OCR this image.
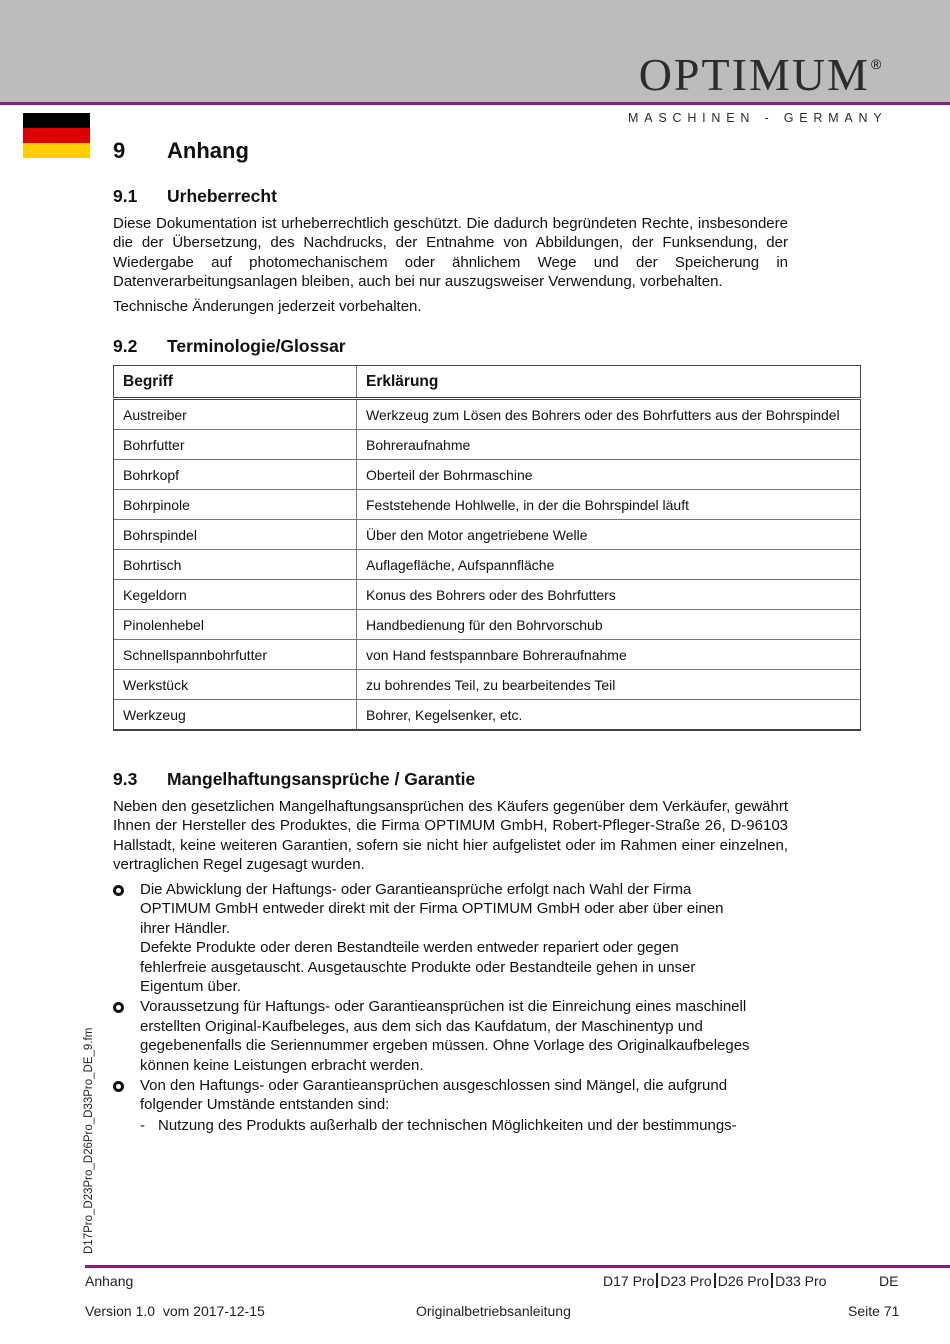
OPTIMUM®
MASCHINEN - GERMANY
9 Anhang
9.1 Urheberrecht
Diese Dokumentation ist urheberrechtlich geschützt. Die dadurch begründeten Rechte, insbesondere die der Übersetzung, des Nachdrucks, der Entnahme von Abbildungen, der Funksendung, der Wiedergabe auf photomechanischem oder ähnlichem Wege und der Speicherung in Datenverarbeitungsanlagen bleiben, auch bei nur auszugsweiser Verwendung, vorbehalten.
Technische Änderungen jederzeit vorbehalten.
9.2 Terminologie/Glossar
Begriff	Erklärung
Austreiber	Werkzeug zum Lösen des Bohrers oder des Bohrfutters aus der Bohrspindel
Bohrfutter	Bohreraufnahme
Bohrkopf	Oberteil der Bohrmaschine
Bohrpinole	Feststehende Hohlwelle, in der die Bohrspindel läuft
Bohrspindel	Über den Motor angetriebene Welle
Bohrtisch	Auflagefläche, Aufspannfläche
Kegeldorn	Konus des Bohrers oder des Bohrfutters
Pinolenhebel	Handbedienung für den Bohrvorschub
Schnellspannbohrfutter	von Hand festspannbare Bohreraufnahme
Werkstück	zu bohrendes Teil, zu bearbeitendes Teil
Werkzeug	Bohrer, Kegelsenker, etc.
9.3 Mangelhaftungsansprüche / Garantie
Neben den gesetzlichen Mangelhaftungsansprüchen des Käufers gegenüber dem Verkäufer, gewährt Ihnen der Hersteller des Produktes, die Firma OPTIMUM GmbH, Robert-Pfleger-Straße 26, D-96103 Hallstadt, keine weiteren Garantien, sofern sie nicht hier aufgelistet oder im Rahmen einer einzelnen, vertraglichen Regel zugesagt wurden.

Die Abwicklung der Haftungs- oder Garantieansprüche erfolgt nach Wahl der Firma OPTIMUM GmbH entweder direkt mit der Firma OPTIMUM GmbH oder aber über einen ihrer Händler.

Defekte Produkte oder deren Bestandteile werden entweder repariert oder gegen fehlerfreie ausgetauscht. Ausgetauschte Produkte oder Bestandteile gehen in unser Eigentum über.

Voraussetzung für Haftungs- oder Garantieansprüchen ist die Einreichung eines maschinell erstellten Original-Kaufbeleges, aus dem sich das Kaufdatum, der Maschinentyp und gegebenenfalls die Seriennummer ergeben müssen. Ohne Vorlage des Originalkaufbeleges können keine Leistungen erbracht werden.

Von den Haftungs- oder Garantieansprüchen ausgeschlossen sind Mängel, die aufgrund folgender Umstände entstanden sind:

- Nutzung des Produkts außerhalb der technischen Möglichkeiten und der bestimmungs-
D17Pro_D23Pro_D26Pro_D33Pro_DE_9.fm
Anhang	D17 Pro D23 Pro D26 Pro D33 Pro	DE
Version 1.0 vom 2017-12-15	Originalbetriebsanleitung	Seite 71
